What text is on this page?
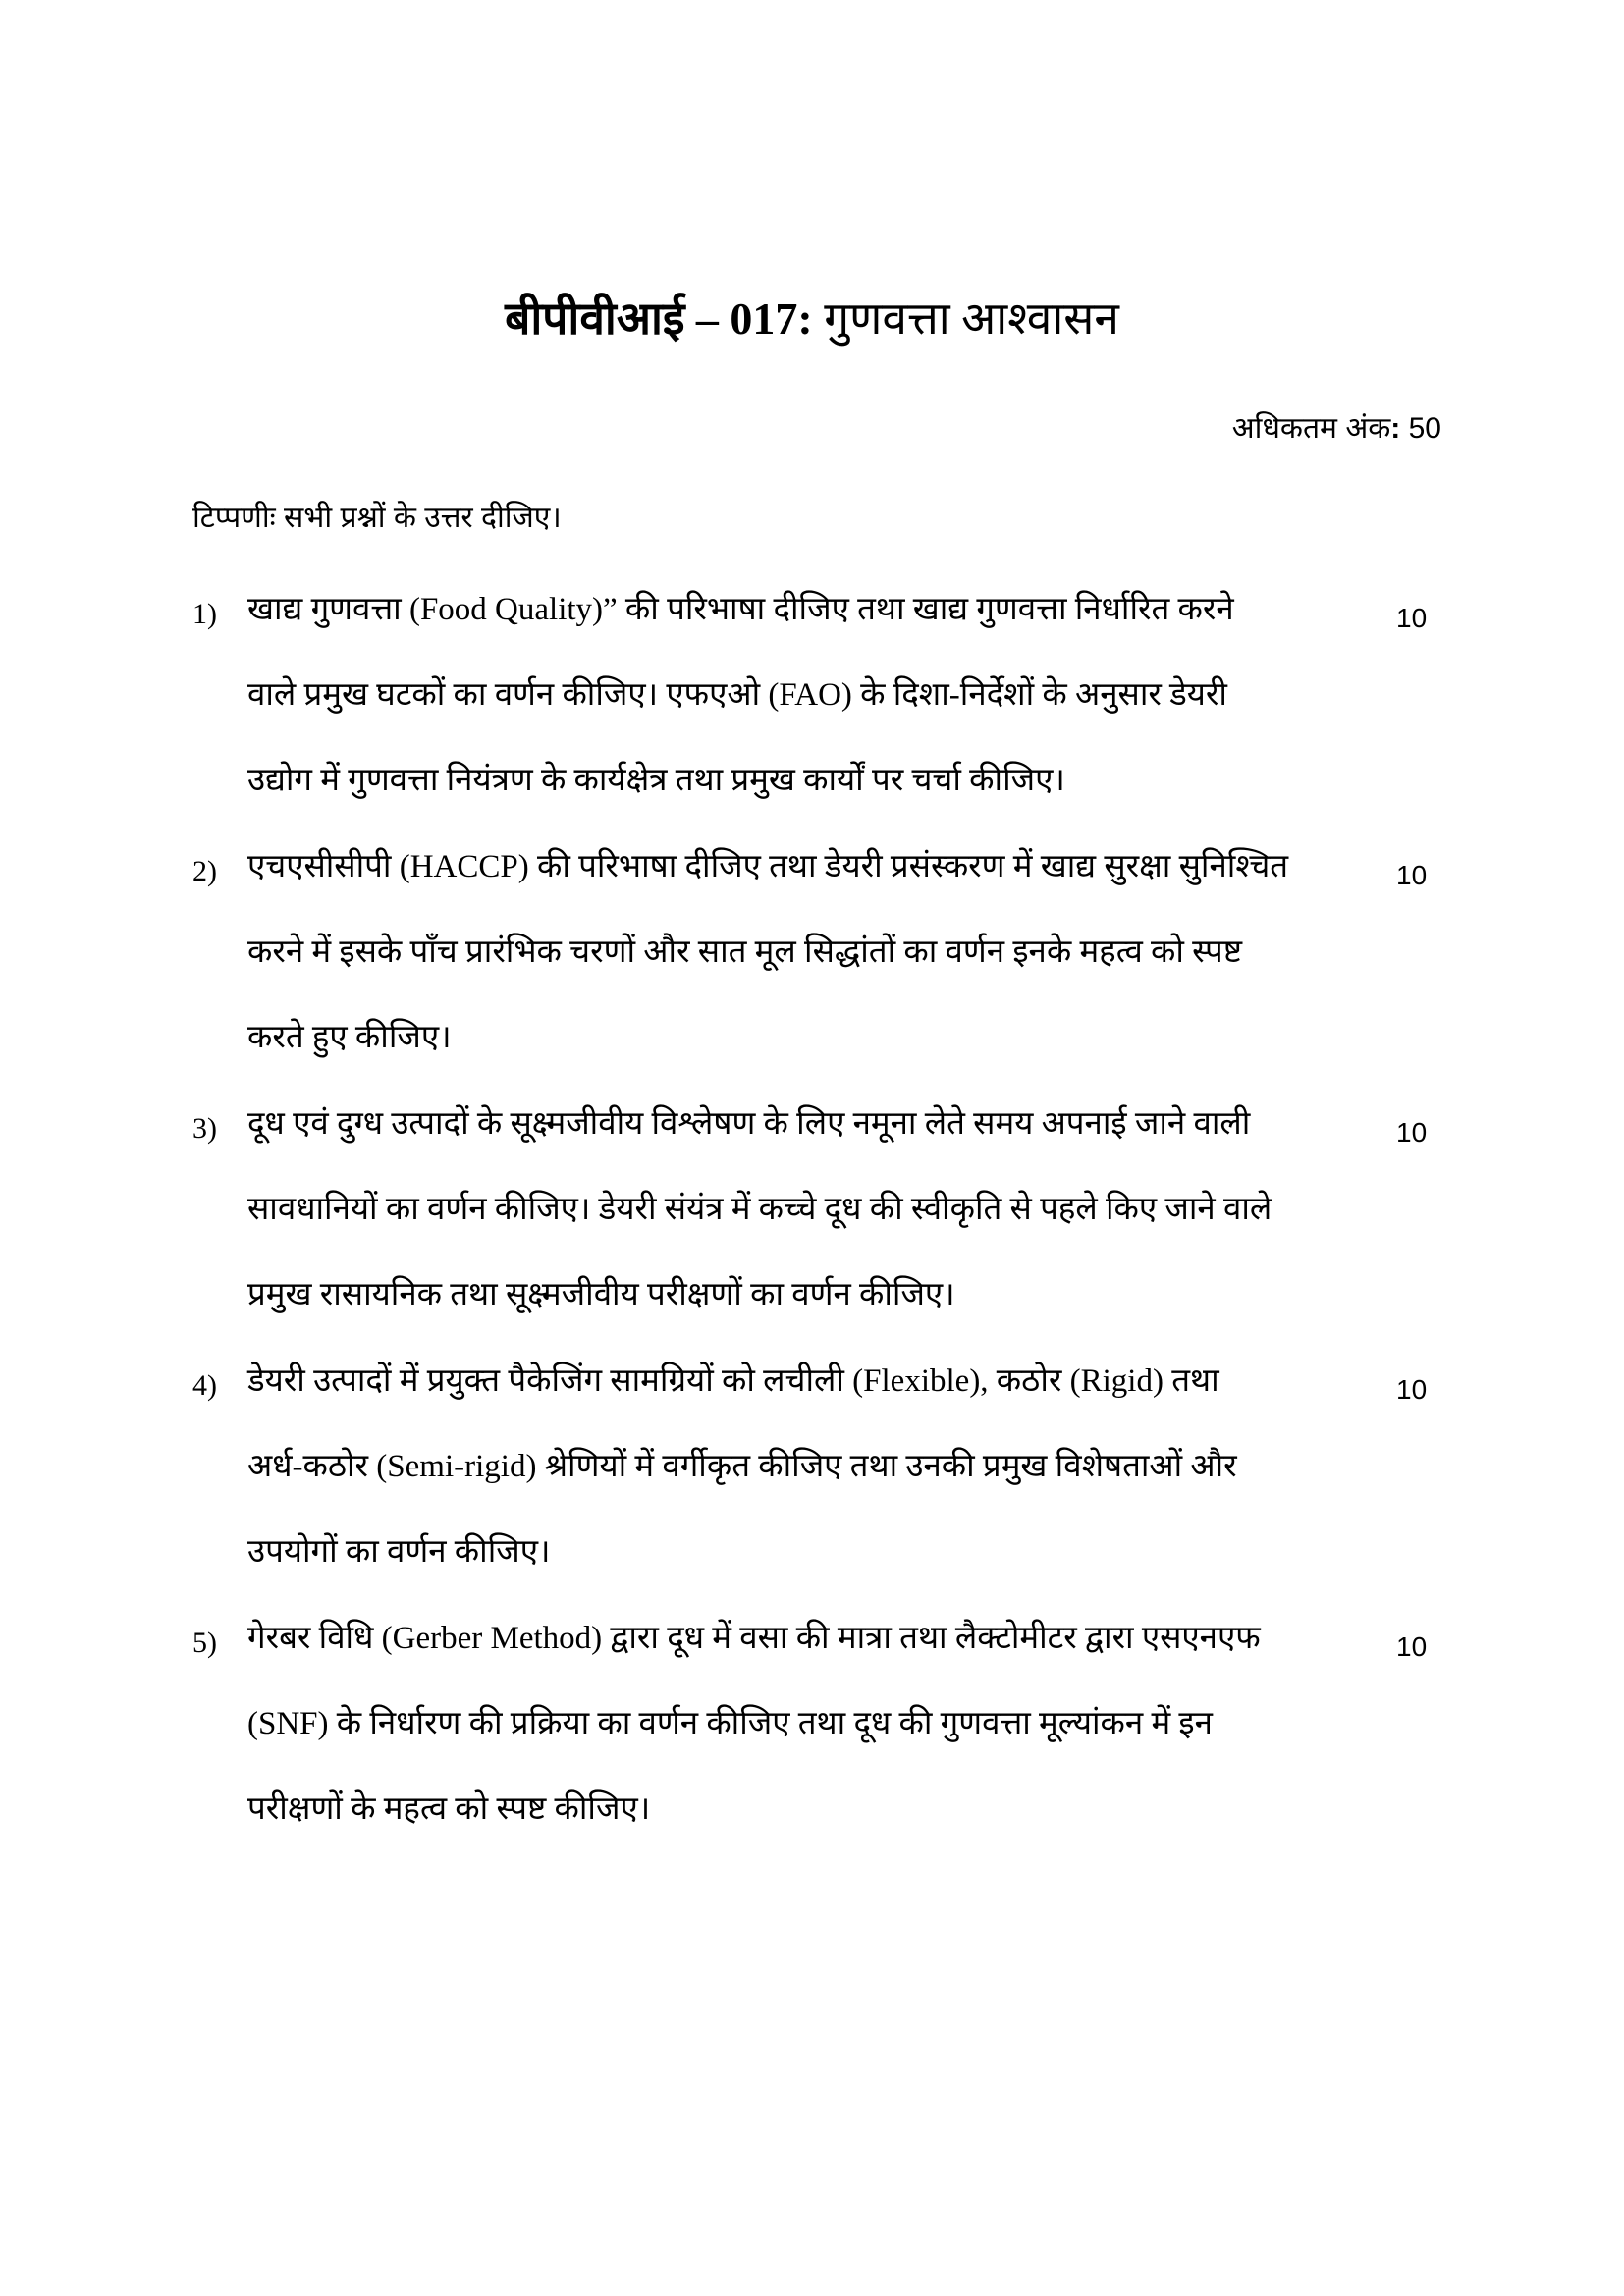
बीपीवीआई – 017: गुणवत्ता आश्वासन
अधिकतम अंक: 50
टिप्पणीः सभी प्रश्नों के उत्तर दीजिए।
1) खाद्य गुणवत्ता (Food Quality)” की परिभाषा दीजिए तथा खाद्य गुणवत्ता निर्धारित करने
वाले प्रमुख घटकों का वर्णन कीजिए। एफएओ (FAO) के दिशा-निर्देशों के अनुसार डेयरी
उद्योग में गुणवत्ता नियंत्रण के कार्यक्षेत्र तथा प्रमुख कार्यों पर चर्चा कीजिए।
10
2) एचएसीसीपी (HACCP) की परिभाषा दीजिए तथा डेयरी प्रसंस्करण में खाद्य सुरक्षा सुनिश्चित
करने में इसके पाँच प्रारंभिक चरणों और सात मूल सिद्धांतों का वर्णन इनके महत्व को स्पष्ट
करते हुए कीजिए।
10
3) दूध एवं दुग्ध उत्पादों के सूक्ष्मजीवीय विश्लेषण के लिए नमूना लेते समय अपनाई जाने वाली
सावधानियों का वर्णन कीजिए। डेयरी संयंत्र में कच्चे दूध की स्वीकृति से पहले किए जाने वाले
प्रमुख रासायनिक तथा सूक्ष्मजीवीय परीक्षणों का वर्णन कीजिए।
10
4) डेयरी उत्पादों में प्रयुक्त पैकेजिंग सामग्रियों को लचीली (Flexible), कठोर (Rigid) तथा
अर्ध-कठोर (Semi-rigid) श्रेणियों में वर्गीकृत कीजिए तथा उनकी प्रमुख विशेषताओं और
उपयोगों का वर्णन कीजिए।
10
5) गेरबर विधि (Gerber Method) द्वारा दूध में वसा की मात्रा तथा लैक्टोमीटर द्वारा एसएनएफ
(SNF) के निर्धारण की प्रक्रिया का वर्णन कीजिए तथा दूध की गुणवत्ता मूल्यांकन में इन
परीक्षणों के महत्व को स्पष्ट कीजिए।
10
